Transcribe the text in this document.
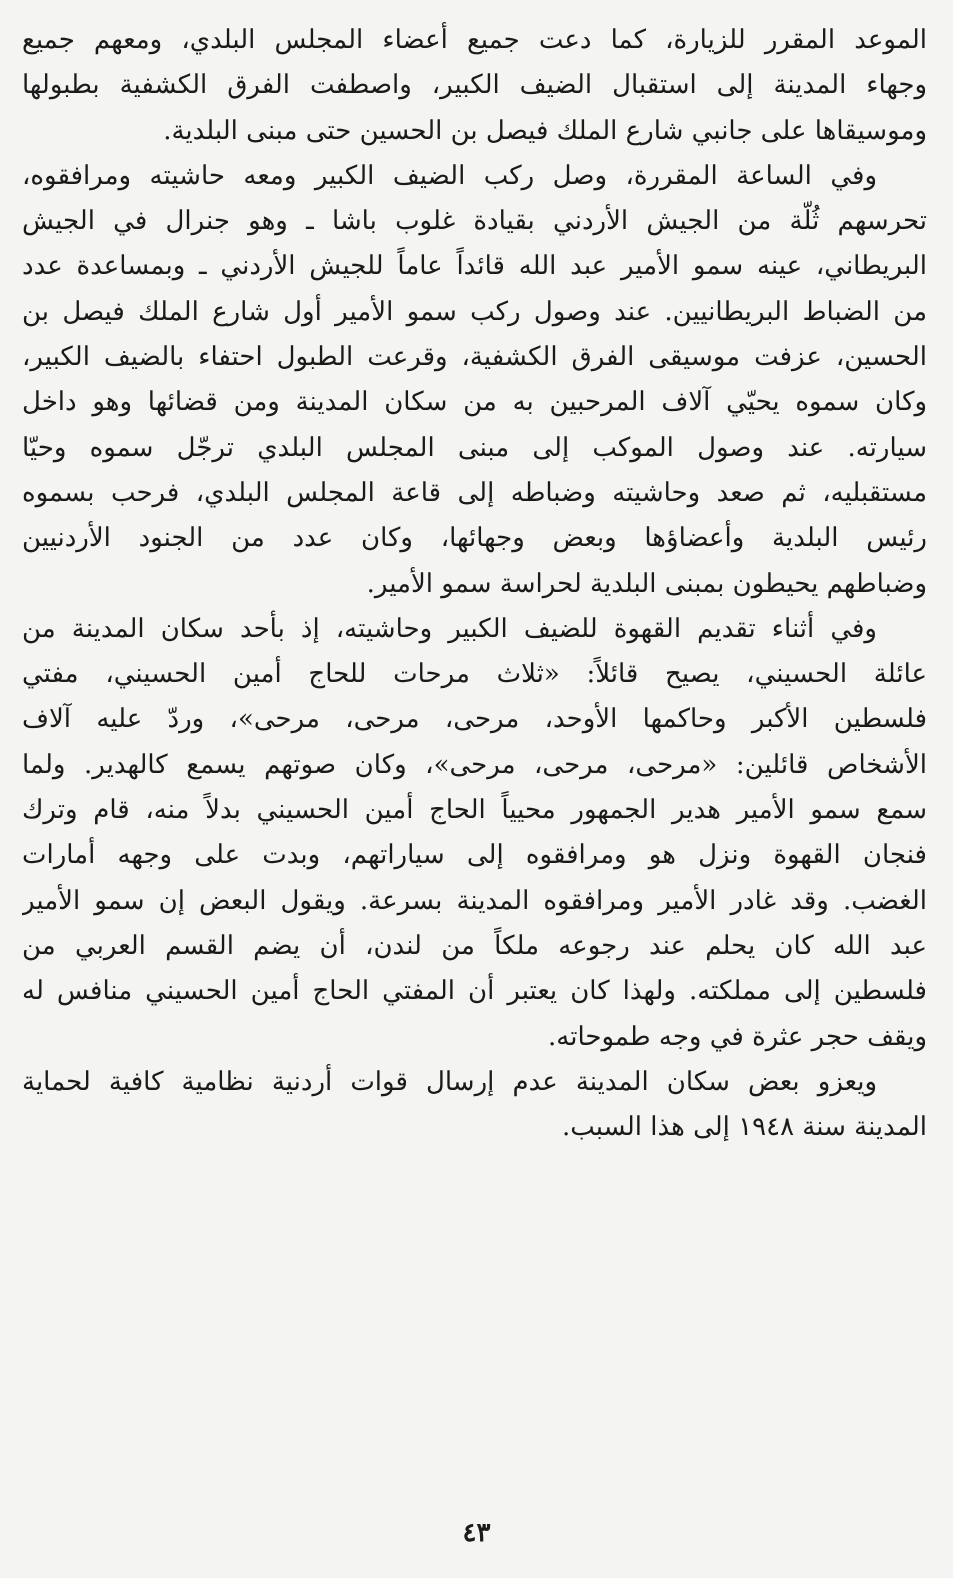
الموعد المقرر للزيارة، كما دعت جميع أعضاء المجلس البلدي، ومعهم جميع
وجهاء المدينة إلى استقبال الضيف الكبير، واصطفت الفرق الكشفية بطبولها
وموسيقاها على جانبي شارع الملك فيصل بن الحسين حتى مبنى البلدية.
وفي الساعة المقررة، وصل ركب الضيف الكبير ومعه حاشيته ومرافقوه،
تحرسهم ثُلّة من الجيش الأردني بقيادة غلوب باشا ـ وهو جنرال في الجيش
البريطاني، عينه سمو الأمير عبد الله قائداً عاماً للجيش الأردني ـ وبمساعدة عدد
من الضباط البريطانيين. عند وصول ركب سمو الأمير أول شارع الملك فيصل بن
الحسين، عزفت موسيقى الفرق الكشفية، وقرعت الطبول احتفاء بالضيف الكبير،
وكان سموه يحيّي آلاف المرحبين به من سكان المدينة ومن قضائها وهو داخل
سيارته. عند وصول الموكب إلى مبنى المجلس البلدي ترجّل سموه وحيّا
مستقبليه، ثم صعد وحاشيته وضباطه إلى قاعة المجلس البلدي، فرحب بسموه
رئيس البلدية وأعضاؤها وبعض وجهائها، وكان عدد من الجنود الأردنيين
وضباطهم يحيطون بمبنى البلدية لحراسة سمو الأمير.
وفي أثناء تقديم القهوة للضيف الكبير وحاشيته، إذ بأحد سكان المدينة من
عائلة الحسيني، يصيح قائلاً: «ثلاث مرحات للحاج أمين الحسيني، مفتي
فلسطين الأكبر وحاكمها الأوحد، مرحى، مرحى، مرحى»، وردّ عليه آلاف
الأشخاص قائلين: «مرحى، مرحى، مرحى»، وكان صوتهم يسمع كالهدير. ولما
سمع سمو الأمير هدير الجمهور محيياً الحاج أمين الحسيني بدلاً منه، قام وترك
فنجان القهوة ونزل هو ومرافقوه إلى سياراتهم، وبدت على وجهه أمارات
الغضب. وقد غادر الأمير ومرافقوه المدينة بسرعة. ويقول البعض إن سمو الأمير
عبد الله كان يحلم عند رجوعه ملكاً من لندن، أن يضم القسم العربي من
فلسطين إلى مملكته. ولهذا كان يعتبر أن المفتي الحاج أمين الحسيني منافس له
ويقف حجر عثرة في وجه طموحاته.
ويعزو بعض سكان المدينة عدم إرسال قوات أردنية نظامية كافية لحماية
المدينة سنة ١٩٤٨ إلى هذا السبب.
٤٣
